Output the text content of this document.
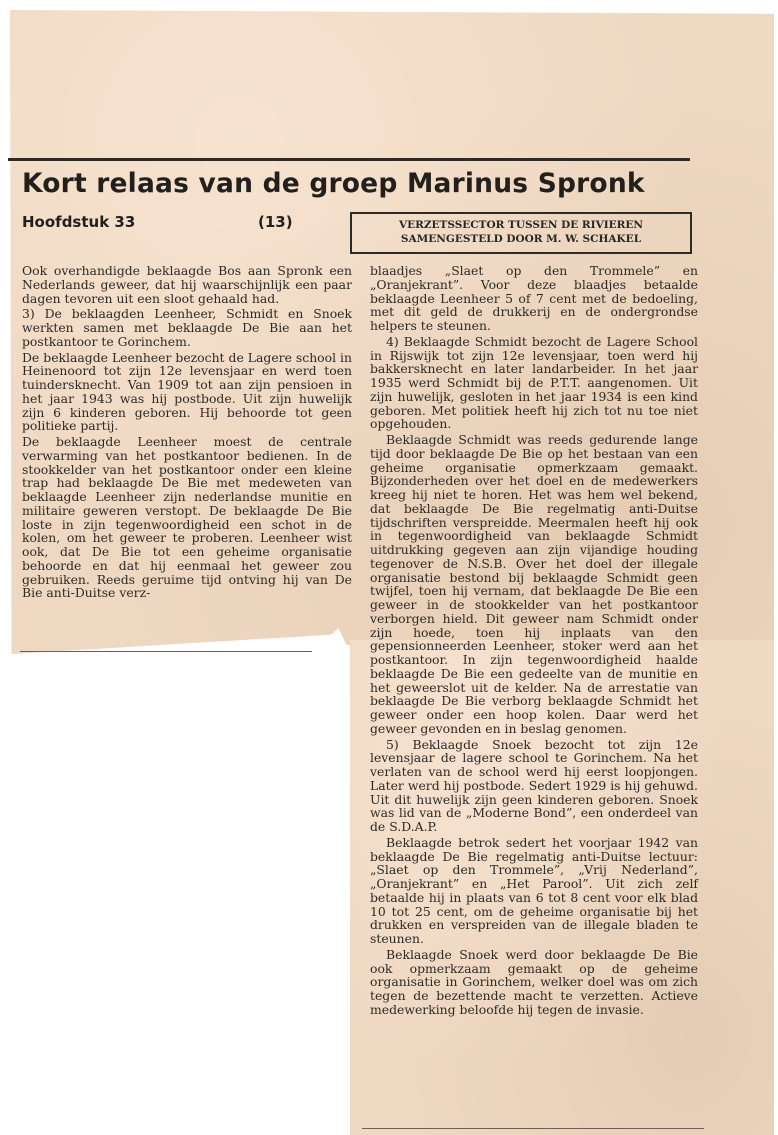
Kort relaas van de groep Marinus Spronk
Hoofdstuk 33	(13)	VERZETSSECTOR TUSSEN DE RIVIEREN
SAMENGESTELD DOOR M. W. SCHAKEL

Ook overhandigde beklaagde Bos aan Spronk een Nederlands geweer, dat hij waarschijnlijk een paar dagen tevoren uit een sloot gehaald had.

3) De beklaagden Leenheer, Schmidt en Snoek werkten samen met beklaagde De Bie aan het postkantoor te Gorinchem.

De beklaagde Leenheer bezocht de Lagere school in Heinenoord tot zijn 12e levensjaar en werd toen tuindersknecht. Van 1909 tot aan zijn pensioen in het jaar 1943 was hij postbode. Uit zijn huwelijk zijn 6 kinderen geboren. Hij behoorde tot geen politieke partij.

De beklaagde Leenheer moest de centrale verwarming van het postkantoor bedienen. In de stookkelder van het postkantoor onder een kleine trap had beklaagde De Bie met medeweten van beklaagde Leenheer zijn nederlandse munitie en militaire geweren verstopt. De beklaagde De Bie loste in zijn tegenwoordigheid een schot in de kolen, om het geweer te proberen. Leenheer wist ook, dat De Bie tot een geheime organisatie behoorde en dat hij eenmaal het geweer zou gebruiken. Reeds geruime tijd ontving hij van De Bie anti-Duitse verz-

blaadjes „Slaet op den Trommele” en „Oranjekrant”. Voor deze blaadjes betaalde beklaagde Leenheer 5 of 7 cent met de bedoeling, met dit geld de drukkerij en de ondergrondse helpers te steunen.

4) Beklaagde Schmidt bezocht de Lagere School in Rijswijk tot zijn 12e levensjaar, toen werd hij bakkersknecht en later landarbeider. In het jaar 1935 werd Schmidt bij de P.T.T. aangenomen. Uit zijn huwelijk, gesloten in het jaar 1934 is een kind geboren. Met politiek heeft hij zich tot nu toe niet opgehouden.

Beklaagde Schmidt was reeds gedurende lange tijd door beklaagde De Bie op het bestaan van een geheime organisatie opmerkzaam gemaakt. Bijzonderheden over het doel en de medewerkers kreeg hij niet te horen. Het was hem wel bekend, dat beklaagde De Bie regelmatig anti-Duitse tijdschriften verspreidde. Meermalen heeft hij ook in tegenwoordigheid van beklaagde Schmidt uitdrukking gegeven aan zijn vijandige houding tegenover de N.S.B. Over het doel der illegale organisatie bestond bij beklaagde Schmidt geen twijfel, toen hij vernam, dat beklaagde De Bie een geweer in de stookkelder van het postkantoor verborgen hield. Dit geweer nam Schmidt onder zijn hoede, toen hij inplaats van den gepensionneerden Leenheer, stoker werd aan het postkantoor. In zijn tegenwoordigheid haalde beklaagde De Bie een gedeelte van de munitie en het geweerslot uit de kelder. Na de arrestatie van beklaagde De Bie verborg beklaagde Schmidt het geweer onder een hoop kolen. Daar werd het geweer gevonden en in beslag genomen.

5) Beklaagde Snoek bezocht tot zijn 12e levensjaar de lagere school te Gorinchem. Na het verlaten van de school werd hij eerst loopjongen. Later werd hij postbode. Sedert 1929 is hij gehuwd. Uit dit huwelijk zijn geen kinderen geboren. Snoek was lid van de „Moderne Bond”, een onderdeel van de S.D.A.P.

Beklaagde betrok sedert het voorjaar 1942 van beklaagde De Bie regelmatig anti-Duitse lectuur: „Slaet op den Trommele”, „Vrij Nederland”, „Oranjekrant” en „Het Parool”. Uit zich zelf betaalde hij in plaats van 6 tot 8 cent voor elk blad 10 tot 25 cent, om de geheime organisatie bij het drukken en verspreiden van de illegale bladen te steunen.

Beklaagde Snoek werd door beklaagde De Bie ook opmerkzaam gemaakt op de geheime organisatie in Gorinchem, welker doel was om zich tegen de bezettende macht te verzetten. Actieve medewerking beloofde hij tegen de invasie.
